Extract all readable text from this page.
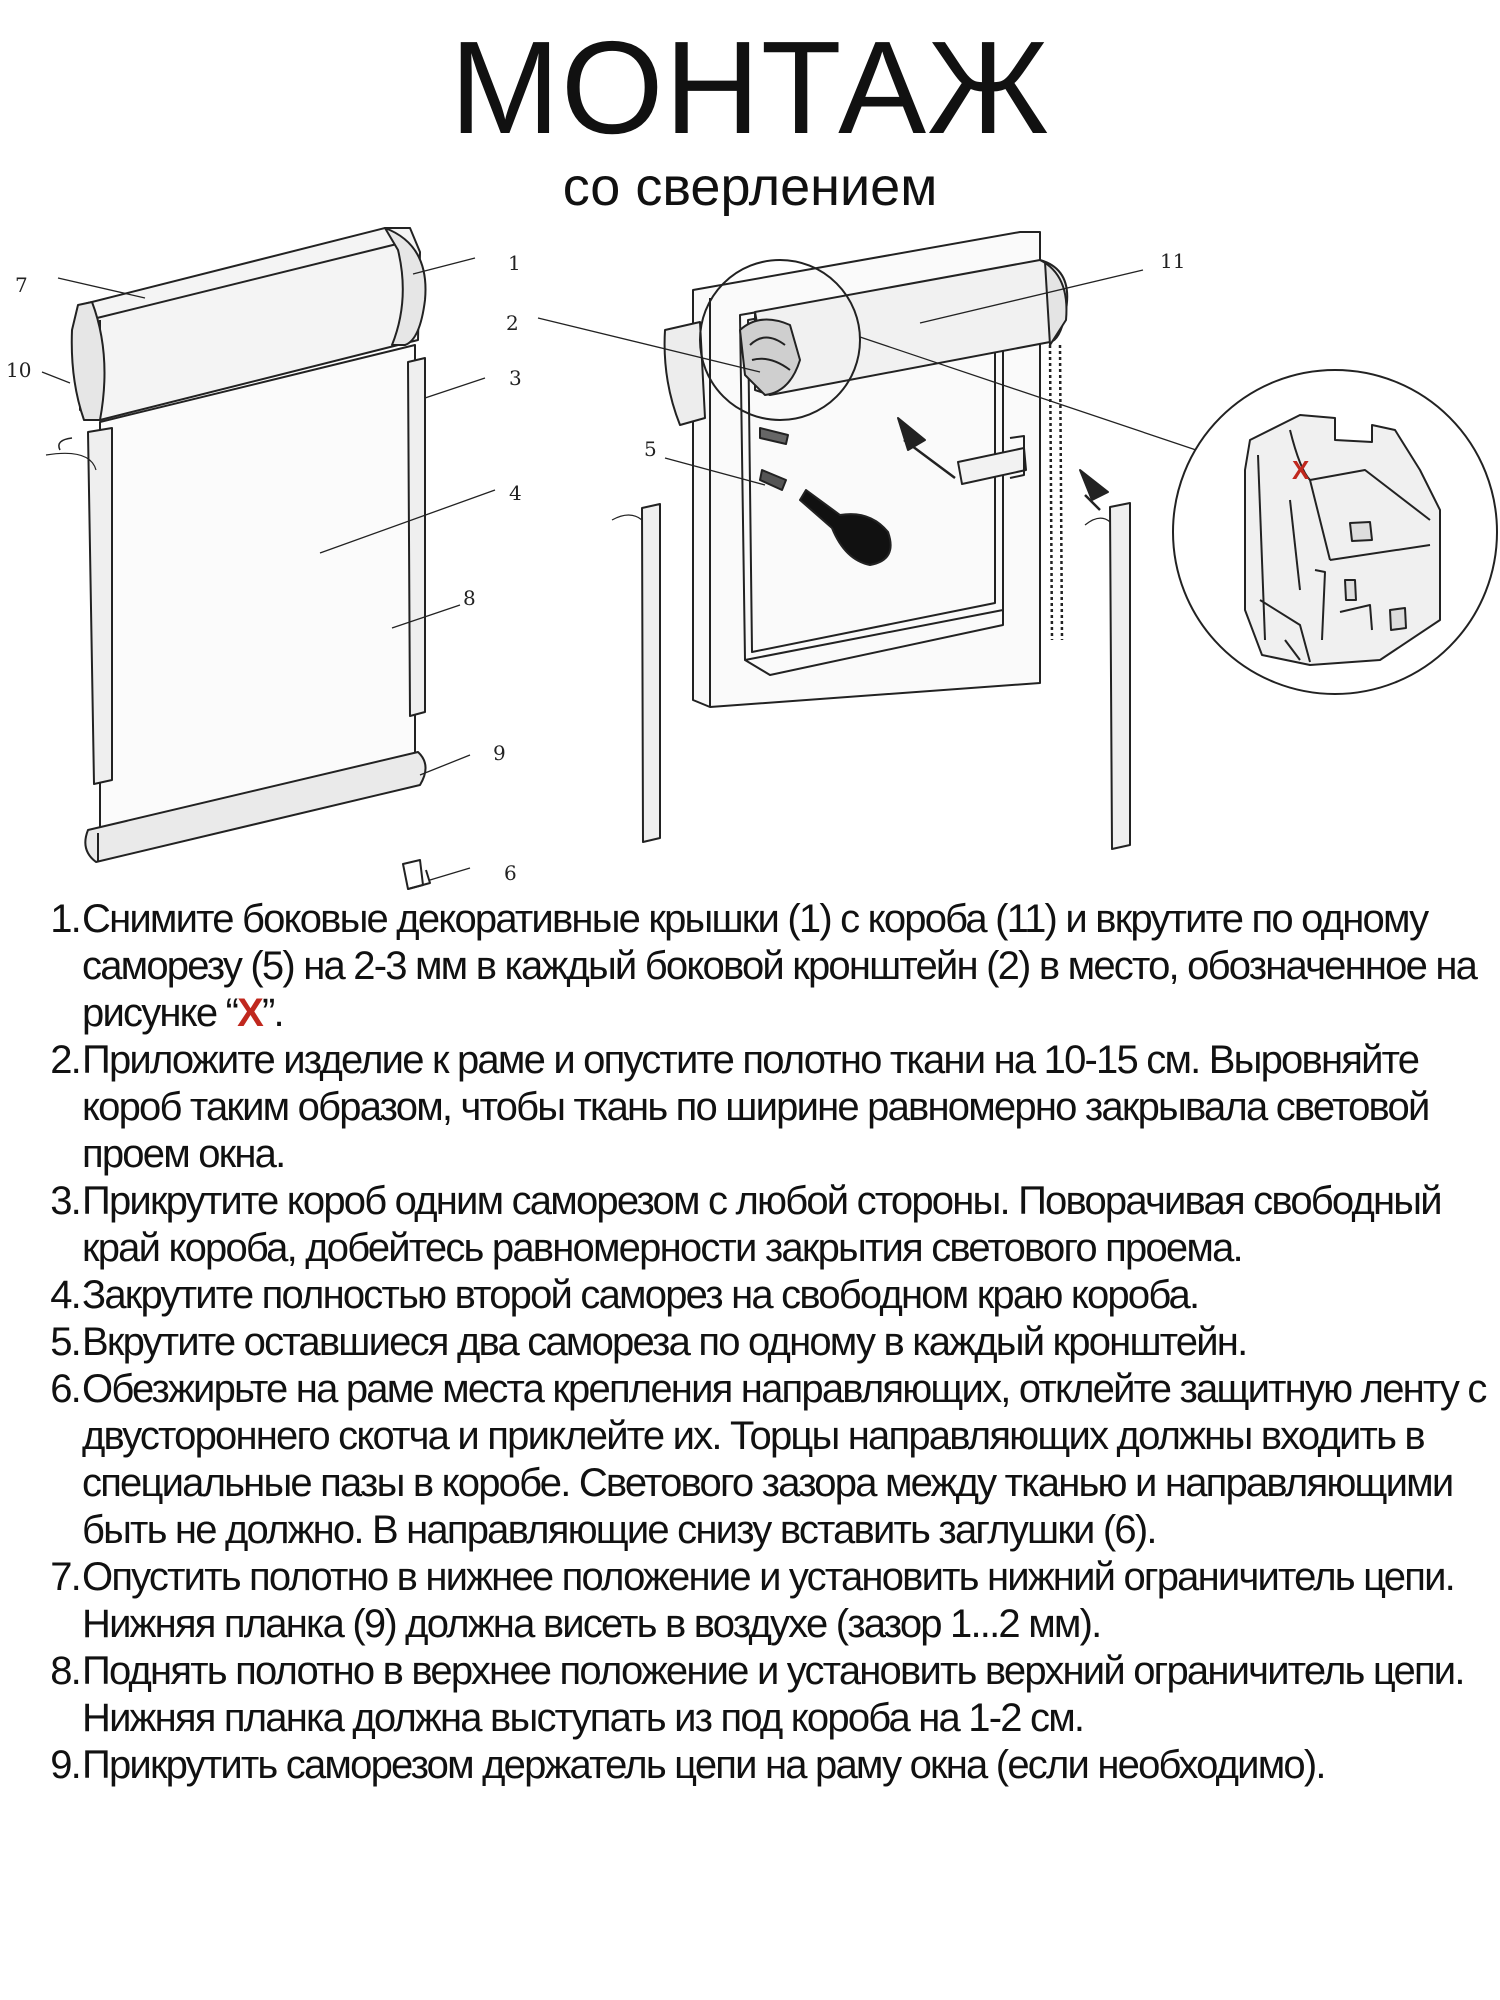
МОНТАЖ
со сверлением
X
1
2
3
4
5
6
7
8
9
10
11
1. Снимите боковые декоративные крышки (1) с короба (11) и вкрутите по одному саморезу (5) на 2-3 мм в каждый боковой кронштейн (2) в место, обозначенное на рисунке “X”.
2. Приложите изделие к раме и опустите полотно ткани на 10-15 см. Выровняйте короб таким образом, чтобы ткань по ширине равномерно закрывала световой проем окна.
3. Прикрутите короб одним саморезом с любой стороны. Поворачивая свободный край короба, добейтесь равномерности закрытия светового проема.
4. Закрутите полностью второй саморез на свободном краю короба.
5. Вкрутите оставшиеся два самореза по одному в каждый кронштейн.
6. Обезжирьте на раме места крепления направляющих, отклейте защитную ленту с двустороннего скотча и приклейте их. Торцы направляющих должны входить в специальные пазы в коробе. Светового зазора между тканью и направляющими быть не должно. В направляющие снизу вставить заглушки (6).
7. Опустить полотно в нижнее положение и установить нижний ограничитель цепи. Нижняя планка (9) должна висеть в воздухе (зазор 1...2 мм).
8. Поднять полотно в верхнее положение и установить верхний ограничитель цепи. Нижняя планка должна выступать из под короба на 1-2 см.
9. Прикрутить саморезом держатель цепи на раму окна (если необходимо).
